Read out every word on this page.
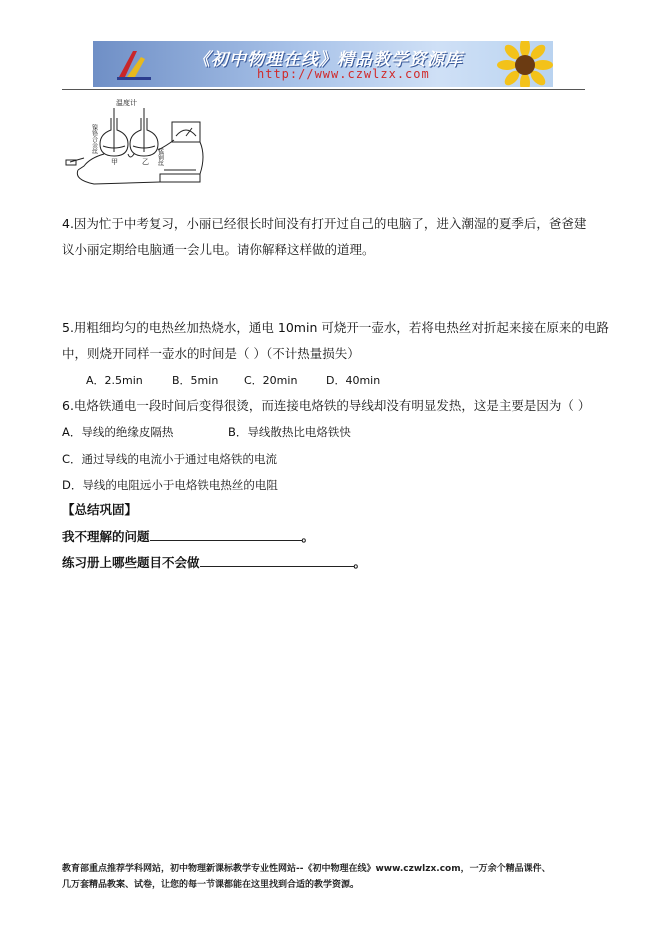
《初中物理在线》精品教学资源库
http://www.czwlzx.com
温度计
镍铬合金丝
锰铜丝
甲	乙
4.因为忙于中考复习，小丽已经很长时间没有打开过自己的电脑了，进入潮湿的夏季后，爸爸建
议小丽定期给电脑通一会儿电。请你解释这样做的道理。
5.用粗细均匀的电热丝加热烧水，通电 10min 可烧开一壶水，若将电热丝对折起来接在原来的电路
中，则烧开同样一壶水的时间是（ ）（不计热量损失）
A．2.5min	B．5min C．20min	D．40min
6.电烙铁通电一段时间后变得很烫，而连接电烙铁的导线却没有明显发热，这是主要是因为（ ）
A．导线的绝缘皮隔热	B．导线散热比电烙铁快
C．通过导线的电流小于通过电烙铁的电流
D．导线的电阻远小于电烙铁电热丝的电阻
【总结巩固】
我不理解的问题	。
练习册上哪些题目不会做	。
教育部重点推荐学科网站，初中物理新课标教学专业性网站--《初中物理在线》www.czwlzx.com，一万余个精品课件、
几万套精品教案、试卷，让您的每一节课都能在这里找到合适的教学资源。
